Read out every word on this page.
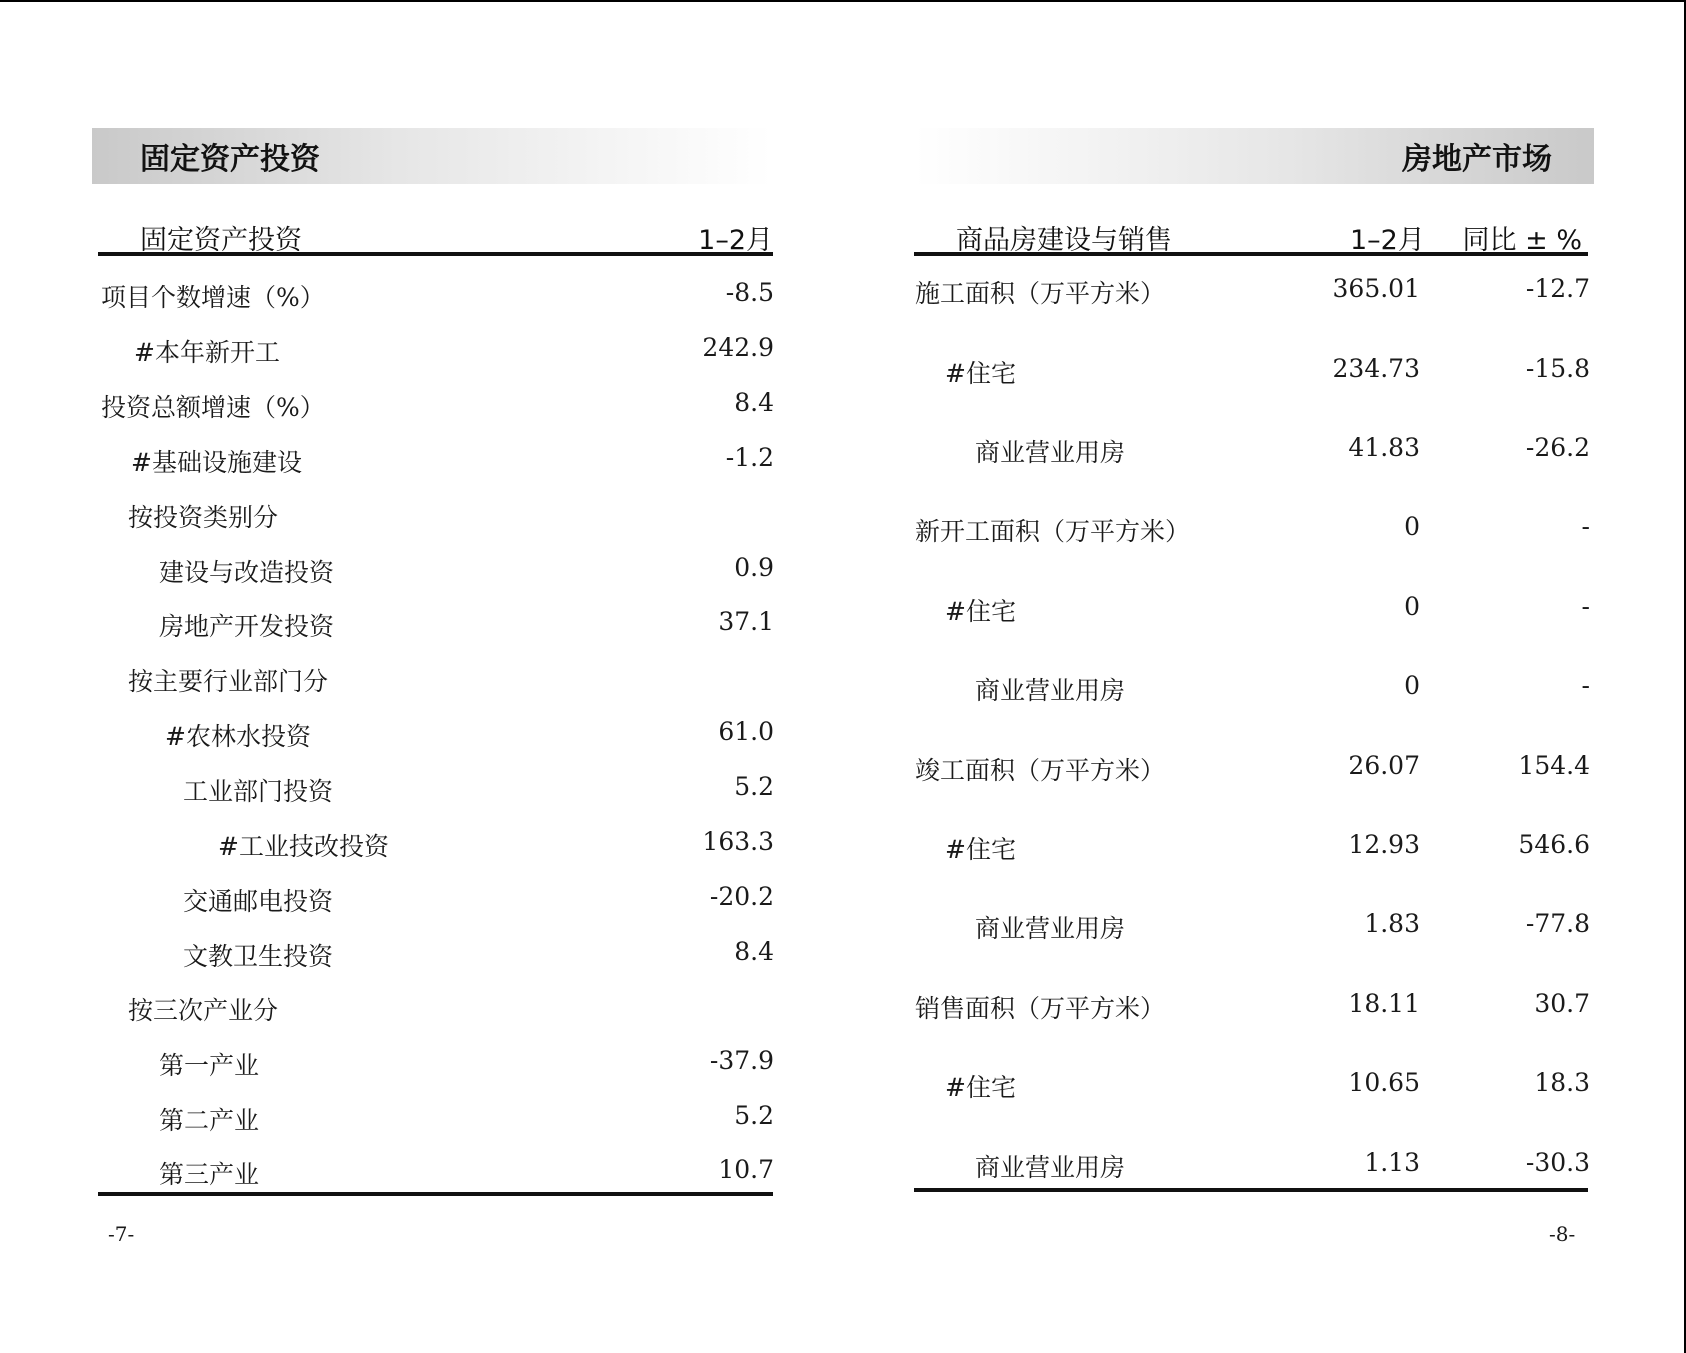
固定资产投资
固定资产投资	1–2月
项目个数增速（%）	-8.5
#本年新开工	242.9
投资总额增速（%）	8.4
#基础设施建设	-1.2
按投资类别分
建设与改造投资	0.9
房地产开发投资	37.1
按主要行业部门分
#农林水投资	61.0
工业部门投资	5.2
#工业技改投资	163.3
交通邮电投资	-20.2
文教卫生投资	8.4
按三次产业分
第一产业	-37.9
第二产业	5.2
第三产业	10.7
-7-
房地产市场
商品房建设与销售	1–2月 同比 ± %
施工面积（万平方米）	365.01	-12.7
#住宅	234.73	-15.8
商业营业用房	41.83	-26.2
新开工面积（万平方米）	0	-
#住宅	0	-
商业营业用房	0	-
竣工面积（万平方米）	26.07	154.4
#住宅	12.93	546.6
商业营业用房	1.83	-77.8
销售面积（万平方米）	18.11	30.7
#住宅	10.65	18.3
商业营业用房	1.13	-30.3
-8-
